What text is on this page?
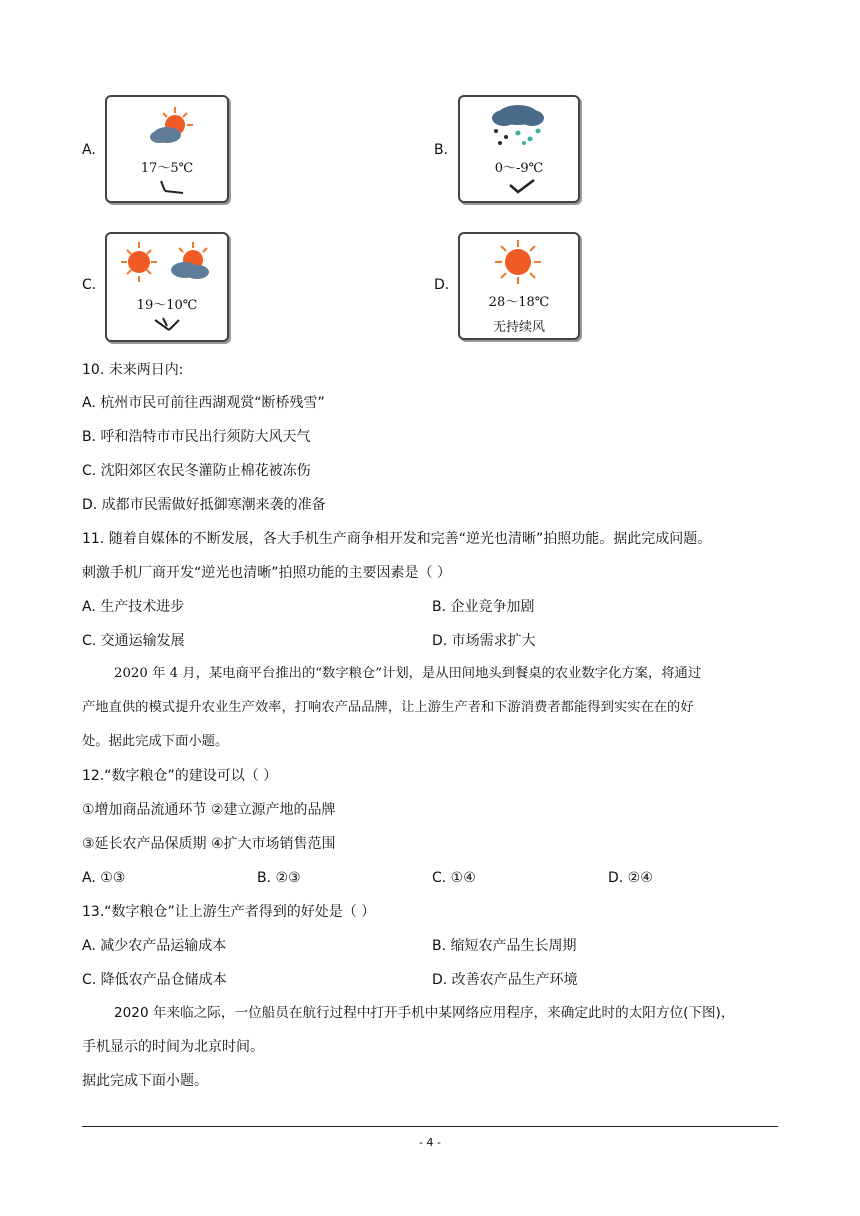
A.
17～5℃
B.
0～-9℃
C.
19～10℃
D.
28～18℃
无持续风
10. 未来两日内:
A. 杭州市民可前往西湖观赏“断桥残雪”
B. 呼和浩特市市民出行须防大风天气
C. 沈阳郊区农民冬灌防止棉花被冻伤
D. 成都市民需做好抵御寒潮来袭的准备
11. 随着自媒体的不断发展，各大手机生产商争相开发和完善“逆光也清晰”拍照功能。据此完成问题。
刺激手机厂商开发“逆光也清晰”拍照功能的主要因素是（ ）
A. 生产技术进步	B. 企业竞争加剧
C. 交通运输发展	D. 市场需求扩大
2020 年 4 月，某电商平台推出的“数字粮仓”计划，是从田间地头到餐桌的农业数字化方案，将通过
产地直供的模式提升农业生产效率，打响农产品品牌，让上游生产者和下游消费者都能得到实实在在的好
处。据此完成下面小题。
12.“数字粮仓”的建设可以（ ）
①增加商品流通环节 ②建立源产地的品牌
③延长农产品保质期 ④扩大市场销售范围
A. ①③	B. ②③	C. ①④	D. ②④
13.“数字粮仓”让上游生产者得到的好处是（ ）
A. 减少农产品运输成本	B. 缩短农产品生长周期
C. 降低农产品仓储成本	D. 改善农产品生产环境
2020 年来临之际，一位船员在航行过程中打开手机中某网络应用程序，来确定此时的太阳方位(下图)，
手机显示的时间为北京时间。
据此完成下面小题。
- 4 -
